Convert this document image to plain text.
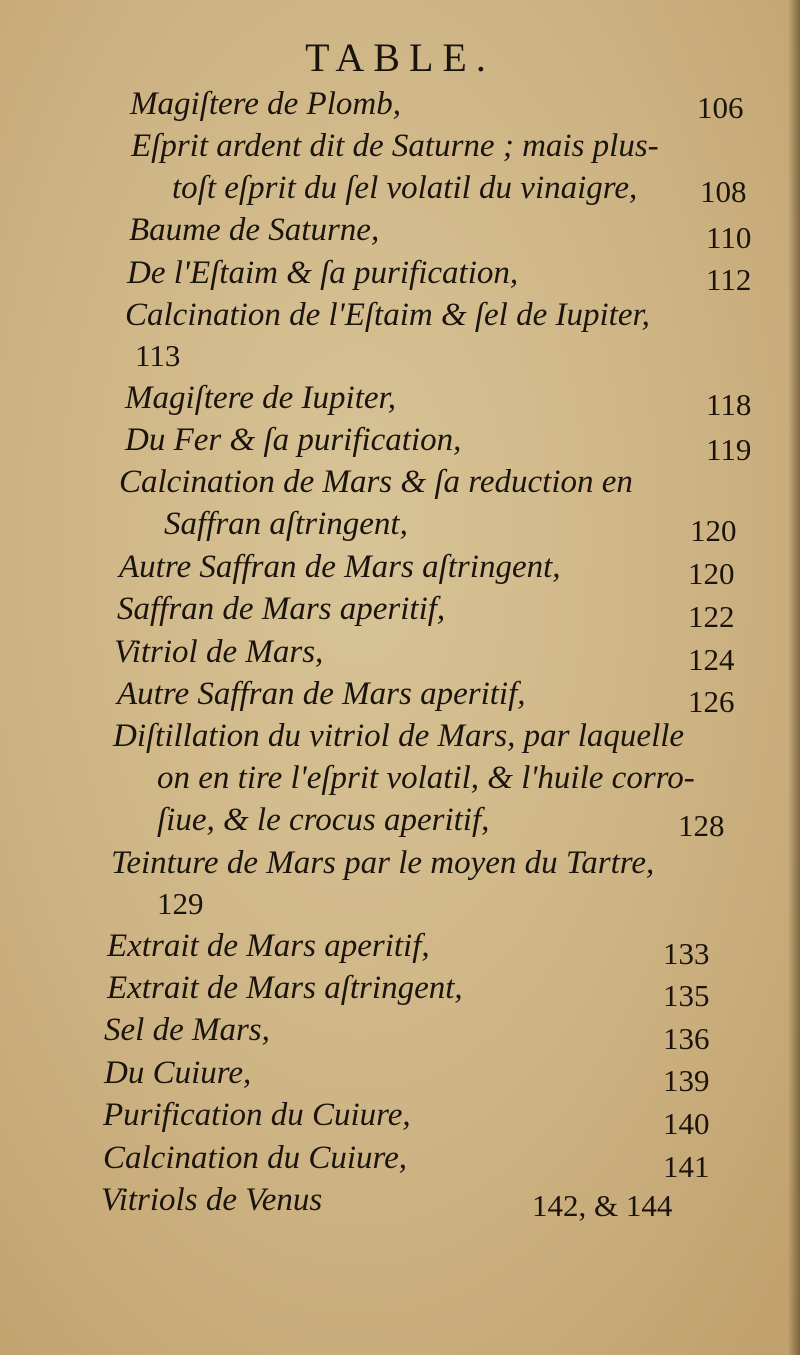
TABLE.
Magiſtere de Plomb,	106
Eſprit ardent dit de Saturne ; mais plus-
toſt eſprit du ſel volatil du vinaigre, 108
Baume de Saturne,	110
De l'Eſtaim & ſa purification,	112
Calcination de l'Eſtaim & ſel de Iupiter,
113
Magiſtere de Iupiter,	118
Du Fer & ſa purification,	119
Calcination de Mars & ſa reduction en
Saffran aſtringent,	120
Autre Saffran de Mars aſtringent,	120
Saffran de Mars aperitif,	122
Vitriol de Mars,	124
Autre Saffran de Mars aperitif,	126
Diſtillation du vitriol de Mars, par laquelle
on en tire l'eſprit volatil, & l'huile corro-
ſiue, & le crocus aperitif,	128
Teinture de Mars par le moyen du Tartre,
129
Extrait de Mars aperitif,	133
Extrait de Mars aſtringent,	135
Sel de Mars,	136
Du Cuiure,	139
Purification du Cuiure,	140
Calcination du Cuiure,	141
Vitriols de Venus	142, & 144
